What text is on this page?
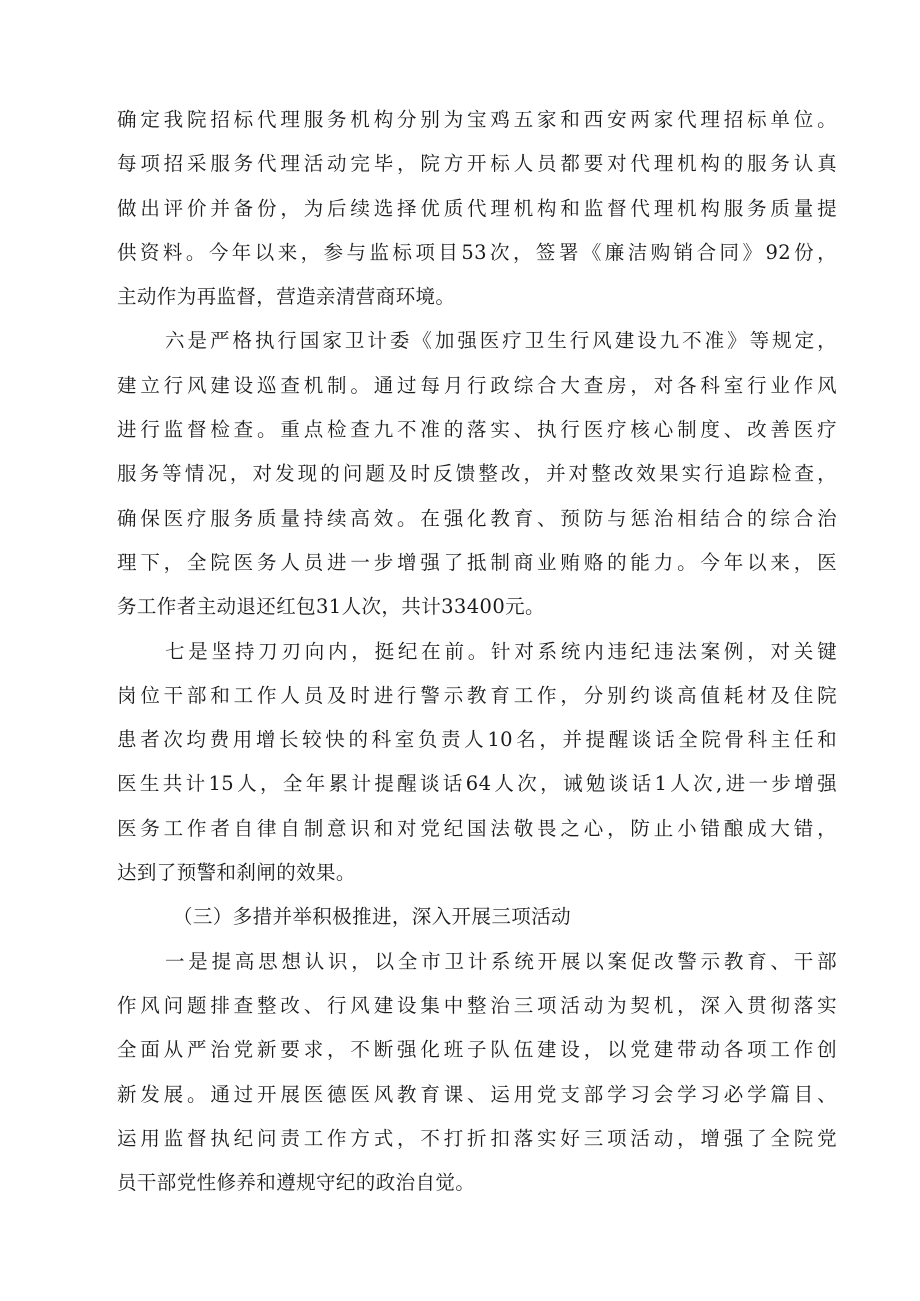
确定我院招标代理服务机构分别为宝鸡五家和西安两家代理招标单位。
每项招采服务代理活动完毕，院方开标人员都要对代理机构的服务认真
做出评价并备份，为后续选择优质代理机构和监督代理机构服务质量提
供资料。今年以来，参与监标项目53次，签署《廉洁购销合同》92份，
主动作为再监督，营造亲清营商环境。

六是严格执行国家卫计委《加强医疗卫生行风建设九不准》等规定，
建立行风建设巡查机制。通过每月行政综合大查房，对各科室行业作风
进行监督检查。重点检查九不准的落实、执行医疗核心制度、改善医疗
服务等情况，对发现的问题及时反馈整改，并对整改效果实行追踪检查，
确保医疗服务质量持续高效。在强化教育、预防与惩治相结合的综合治
理下，全院医务人员进一步增强了抵制商业贿赂的能力。今年以来，医
务工作者主动退还红包31人次，共计33400元。

七是坚持刀刃向内，挺纪在前。针对系统内违纪违法案例，对关键
岗位干部和工作人员及时进行警示教育工作，分别约谈高值耗材及住院
患者次均费用增长较快的科室负责人10名，并提醒谈话全院骨科主任和
医生共计15人，全年累计提醒谈话64人次，诫勉谈话1人次,进一步增强
医务工作者自律自制意识和对党纪国法敬畏之心，防止小错酿成大错，
达到了预警和刹闸的效果。

（三）多措并举积极推进，深入开展三项活动

一是提高思想认识，以全市卫计系统开展以案促改警示教育、干部
作风问题排查整改、行风建设集中整治三项活动为契机，深入贯彻落实
全面从严治党新要求，不断强化班子队伍建设，以党建带动各项工作创
新发展。通过开展医德医风教育课、运用党支部学习会学习必学篇目、
运用监督执纪问责工作方式，不打折扣落实好三项活动，增强了全院党
员干部党性修养和遵规守纪的政治自觉。
